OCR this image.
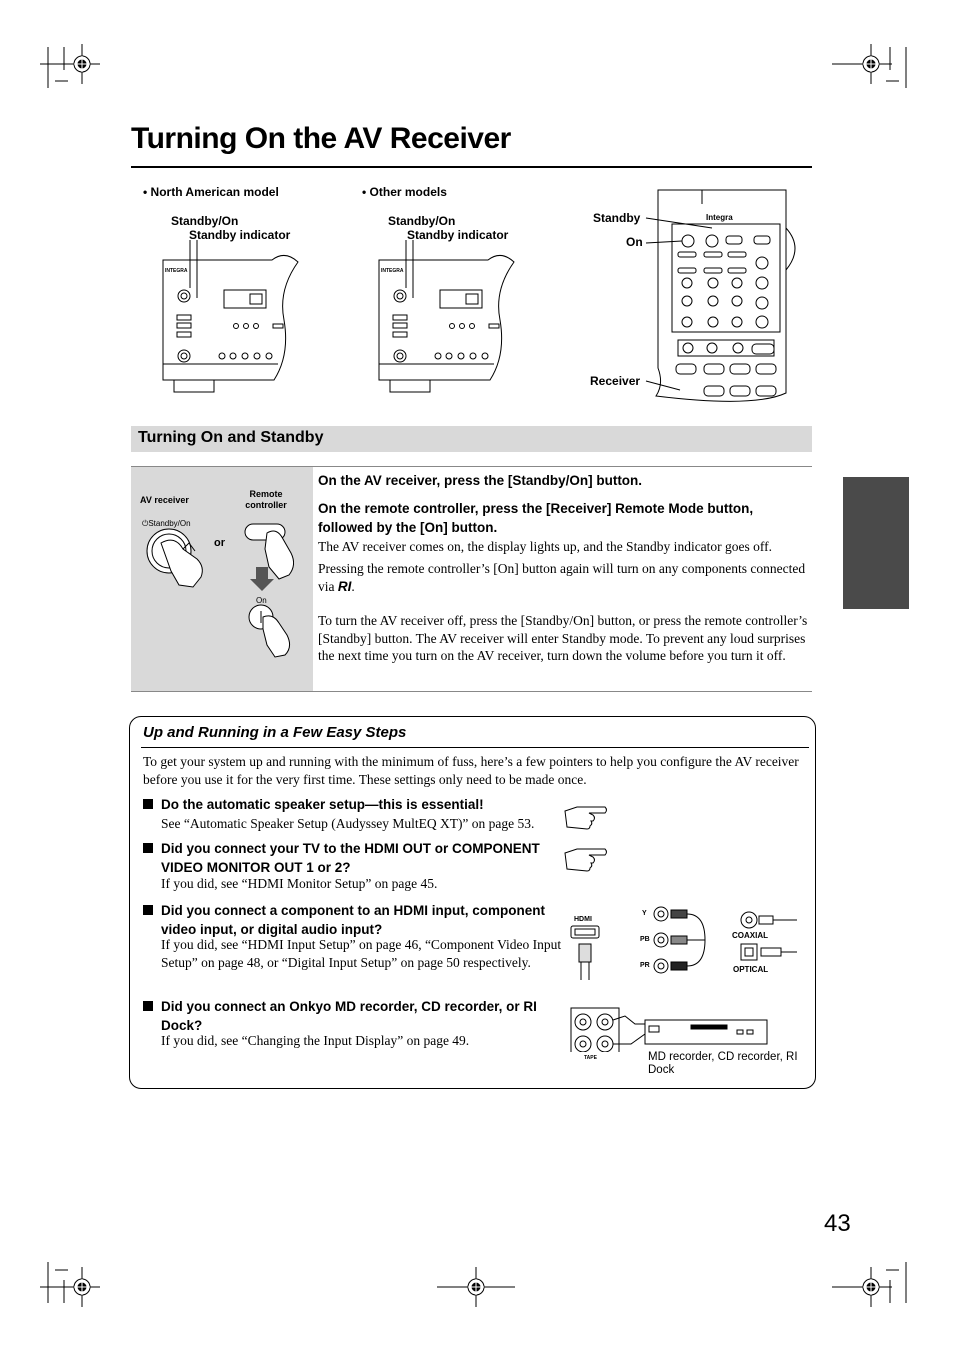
Turning On the AV Receiver
• North American model	• Other models
Standby/On
Standby indicator
Standby/On
Standby indicator
Standby
On
Receiver
INTEGRA	INTEGRA
Integra
Turning On and Standby
AV receiver
Remote controller
or
⏻Standby/On
On
On the AV receiver, press the [Standby/On] button.
On the remote controller, press the [Receiver] Remote Mode button, followed by the [On] button.
The AV receiver comes on, the display lights up, and the Standby indicator goes off.
Pressing the remote controller’s [On] button again will turn on any components connected via RI.
To turn the AV receiver off, press the [Standby/On] button, or press the remote controller’s [Standby] button. The AV receiver will enter Standby mode. To prevent any loud surprises the next time you turn on the AV receiver, turn down the volume before you turn it off.
Up and Running in a Few Easy Steps
To get your system up and running with the minimum of fuss, here’s a few pointers to help you configure the AV receiver before you use it for the very first time. These settings only need to be made once.
Do the automatic speaker setup—this is essential!
See “Automatic Speaker Setup (Audyssey MultEQ XT)” on page 53.
Did you connect your TV to the HDMI OUT or COMPONENT VIDEO MONITOR OUT 1 or 2?
If you did, see “HDMI Monitor Setup” on page 45.
Did you connect a component to an HDMI input, component video input, or digital audio input?
If you did, see “HDMI Input Setup” on page 46, “Component Video Input Setup” on page 48, or “Digital Input Setup” on page 50 respectively.
Did you connect an Onkyo MD recorder, CD recorder, or RI Dock?
If you did, see “Changing the Input Display” on page 49.
HDMI
Y
PB
PR
COAXIAL
OPTICAL
TAPE	MD recorder, CD recorder, RI Dock
43
